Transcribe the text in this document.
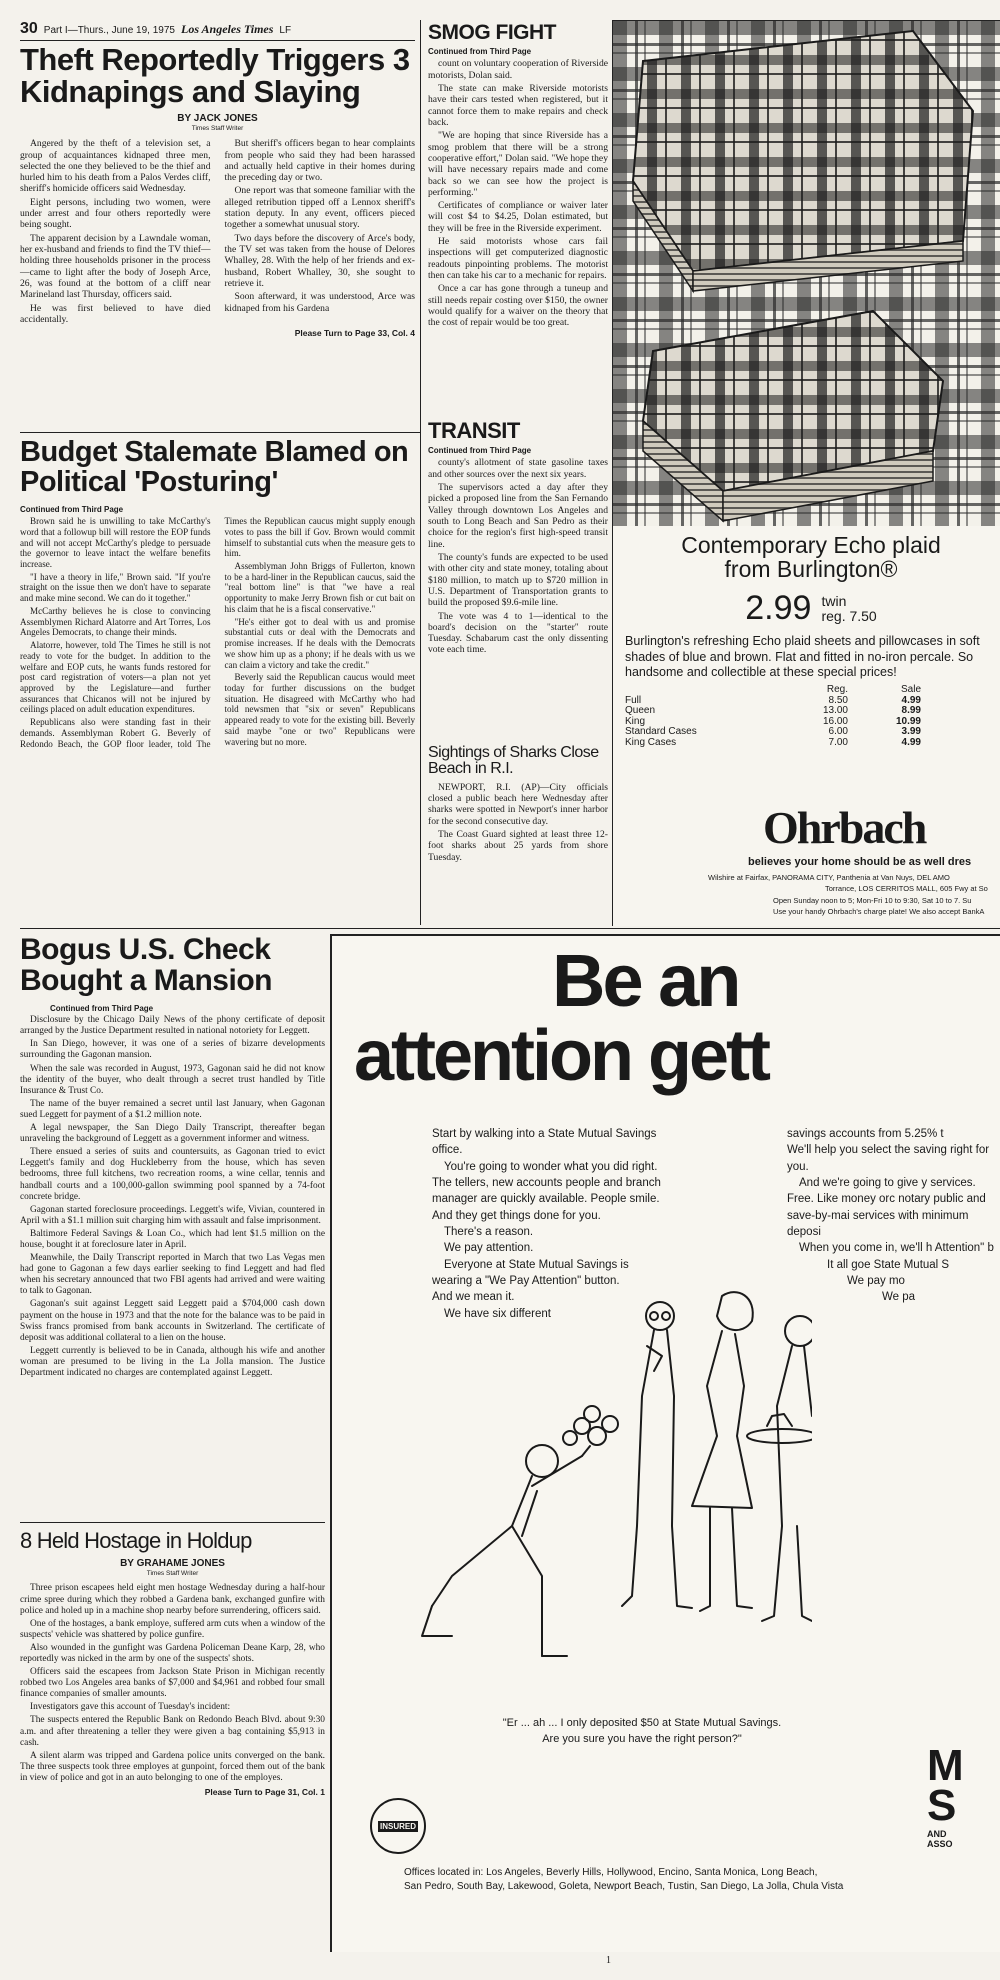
30 Part I—Thurs., June 19, 1975 Los Angeles Times LF
Theft Reportedly Triggers 3 Kidnapings and Slaying
BY JACK JONES
Times Staff Writer

Angered by the theft of a television set, a group of acquaintances kidnaped three men, selected the one they believed to be the thief and hurled him to his death from a Palos Verdes cliff, sheriff's homicide officers said Wednesday.

Eight persons, including two women, were under arrest and four others reportedly were being sought.

The apparent decision by a Lawndale woman, her ex-husband and friends to find the TV thief—holding three households prisoner in the process—came to light after the body of Joseph Arce, 26, was found at the bottom of a cliff near Marineland last Thursday, officers said.

He was first believed to have died accidentally.

But sheriff's officers began to hear complaints from people who said they had been harassed and actually held captive in their homes during the preceding day or two.

One report was that someone familiar with the alleged retribution tipped off a Lennox sheriff's station deputy. In any event, officers pieced together a somewhat unusual story.

Two days before the discovery of Arce's body, the TV set was taken from the house of Delores Whalley, 28. With the help of her friends and ex-husband, Robert Whalley, 30, she sought to retrieve it.

Soon afterward, it was understood, Arce was kidnaped from his Gardena

Please Turn to Page 33, Col. 4
SMOG FIGHT
Continued from Third Page

count on voluntary cooperation of Riverside motorists, Dolan said.

The state can make Riverside motorists have their cars tested when registered, but it cannot force them to make repairs and check back.

"We are hoping that since Riverside has a smog problem that there will be a strong cooperative effort," Dolan said. "We hope they will have necessary repairs made and come back so we can see how the project is performing."

Certificates of compliance or waiver later will cost $4 to $4.25, Dolan estimated, but they will be free in the Riverside experiment.

He said motorists whose cars fail inspections will get computerized diagnostic readouts pinpointing problems. The motorist then can take his car to a mechanic for repairs.

Once a car has gone through a tuneup and still needs repair costing over $150, the owner would qualify for a waiver on the theory that the cost of repair would be too great.

TRANSIT
Continued from Third Page

county's allotment of state gasoline taxes and other sources over the next six years.

The supervisors acted a day after they picked a proposed line from the San Fernando Valley through downtown Los Angeles and south to Long Beach and San Pedro as their choice for the region's first high-speed transit line.

The county's funds are expected to be used with other city and state money, totaling about $180 million, to match up to $720 million in U.S. Department of Transportation grants to build the proposed $9.6-mile line.

The vote was 4 to 1—identical to the board's decision on the "starter" route Tuesday. Schabarum cast the only dissenting vote each time.

Sightings of Sharks Close Beach in R.I.

NEWPORT, R.I. (AP)—City officials closed a public beach here Wednesday after sharks were spotted in Newport's inner harbor for the second consecutive day.

The Coast Guard sighted at least three 12-foot sharks about 25 yards from shore Tuesday.

Budget Stalemate Blamed on Political 'Posturing'
Continued from Third Page

Brown said he is unwilling to take McCarthy's word that a followup bill will restore the EOP funds and will not accept McCarthy's pledge to persuade the governor to leave intact the welfare benefits increase.

"I have a theory in life," Brown said. "If you're straight on the issue then we don't have to separate and make mine second. We can do it together."

McCarthy believes he is close to convincing Assemblymen Richard Alatorre and Art Torres, Los Angeles Democrats, to change their minds.

Alatorre, however, told The Times he still is not ready to vote for the budget. In addition to the welfare and EOP cuts, he wants funds restored for post card registration of voters—a plan not yet approved by the Legislature—and further assurances that Chicanos will not be injured by ceilings placed on adult education expenditures.

Republicans also were standing fast in their demands. Assemblyman Robert G. Beverly of Redondo Beach, the GOP floor leader, told The Times the Republican caucus might supply enough votes to pass the bill if Gov. Brown would commit himself to substantial cuts when the measure gets to him.

Assemblyman John Briggs of Fullerton, known to be a hard-liner in the Republican caucus, said the "real bottom line" is that "we have a real opportunity to make Jerry Brown fish or cut bait on his claim that he is a fiscal conservative."

"He's either got to deal with us and promise substantial cuts or deal with the Democrats and promise increases. If he deals with the Democrats we show him up as a phony; if he deals with us we can claim a victory and take the credit."

Beverly said the Republican caucus would meet today for further discussions on the budget situation. He disagreed with McCarthy who had told newsmen that "six or seven" Republicans appeared ready to vote for the existing bill. Beverly said maybe "one or two" Republicans were wavering but no more.

Contemporary Echo plaid
from Burlington®
2.99 twin
reg. 7.50
Burlington's refreshing Echo plaid sheets and pillowcases in soft shades of blue and brown. Flat and fitted in no-iron percale. So handsome and collectible at these special prices!
	Reg.	Sale
Full	8.50	4.99
Queen	13.00	8.99
King	16.00	10.99
Standard Cases	6.00	3.99
King Cases	7.00	4.99
Ohrbach
believes your home should be as well dres
Wilshire at Fairfax, PANORAMA CITY, Panthenia at Van Nuys, DEL AMO
Torrance, LOS CERRITOS MALL, 605 Fwy at So
Open Sunday noon to 5; Mon-Fri 10 to 9:30, Sat 10 to 7. Su
Use your handy Ohrbach's charge plate! We also accept BankA
Bogus U.S. Check Bought a Mansion
Continued from Third Page

Disclosure by the Chicago Daily News of the phony certificate of deposit arranged by the Justice Department resulted in national notoriety for Leggett.

In San Diego, however, it was one of a series of bizarre developments surrounding the Gagonan mansion.

When the sale was recorded in August, 1973, Gagonan said he did not know the identity of the buyer, who dealt through a secret trust handled by Title Insurance & Trust Co.

The name of the buyer remained a secret until last January, when Gagonan sued Leggett for payment of a $1.2 million note.

A legal newspaper, the San Diego Daily Transcript, thereafter began unraveling the background of Leggett as a government informer and witness.

There ensued a series of suits and countersuits, as Gagonan tried to evict Leggett's family and dog Huckleberry from the house, which has seven bedrooms, three full kitchens, two recreation rooms, a wine cellar, tennis and handball courts and a 100,000-gallon swimming pool spanned by a 74-foot concrete bridge.

Gagonan started foreclosure proceedings. Leggett's wife, Vivian, countered in April with a $1.1 million suit charging him with assault and false imprisonment.

Baltimore Federal Savings & Loan Co., which had lent $1.5 million on the house, bought it at foreclosure later in April.

Meanwhile, the Daily Transcript reported in March that two Las Vegas men had gone to Gagonan a few days earlier seeking to find Leggett and had fled when his secretary announced that two FBI agents had arrived and were waiting to talk to Gagonan.

Gagonan's suit against Leggett said Leggett paid a $704,000 cash down payment on the house in 1973 and that the note for the balance was to be paid in Swiss francs promised from bank accounts in Switzerland. The certificate of deposit was additional collateral to a lien on the house.

Leggett currently is believed to be in Canada, although his wife and another woman are presumed to be living in the La Jolla mansion. The Justice Department indicated no charges are contemplated against Leggett.

8 Held Hostage in Holdup
BY GRAHAME JONES
Times Staff Writer

Three prison escapees held eight men hostage Wednesday during a half-hour crime spree during which they robbed a Gardena bank, exchanged gunfire with police and holed up in a machine shop nearby before surrendering, officers said.

One of the hostages, a bank employe, suffered arm cuts when a window of the suspects' vehicle was shattered by police gunfire.

Also wounded in the gunfight was Gardena Policeman Deane Karp, 28, who reportedly was nicked in the arm by one of the suspects' shots.

Officers said the escapees from Jackson State Prison in Michigan recently robbed two Los Angeles area banks of $7,000 and $4,961 and robbed four small finance companies of smaller amounts.

Investigators gave this account of Tuesday's incident:

The suspects entered the Republic Bank on Redondo Beach Blvd. about 9:30 a.m. and after threatening a teller they were given a bag containing $5,913 in cash.

A silent alarm was tripped and Gardena police units converged on the bank. The three suspects took three employes at gunpoint, forced them out of the bank in view of police and got in an auto belonging to one of the employes.

Please Turn to Page 31, Col. 1
Be an
attention gett
Start by walking into a State Mutual Savings office.
You're going to wonder what you did right. The tellers, new accounts people and branch manager are quickly available. People smile. And they get things done for you.
There's a reason.
We pay attention.
Everyone at State Mutual Savings is wearing a "We Pay Attention" button.
And we mean it.
We have six different
savings accounts from 5.25% t
We'll help you select the saving right for you.
And we're going to give y services. Free. Like money orc notary public and save-by-mai services with minimum deposi
When you come in, we'll h Attention" b
It all goe State Mutual S
We pay mo
We pa
"Er ... ah ... I only deposited $50 at State Mutual Savings.
Are you sure you have the right person?"
MS
AND
ASSO
INSURED
Offices located in: Los Angeles, Beverly Hills, Hollywood, Encino, Santa Monica, Long Beach,
San Pedro, South Bay, Lakewood, Goleta, Newport Beach, Tustin, San Diego, La Jolla, Chula Vista
1
